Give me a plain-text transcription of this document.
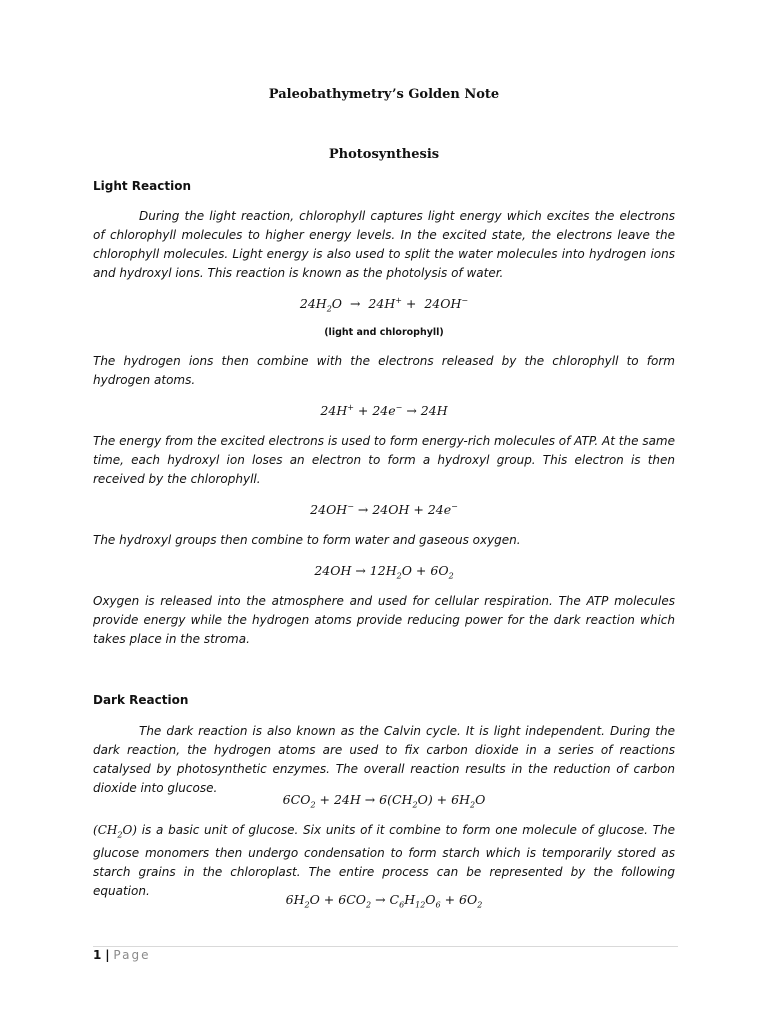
Paleobathymetry’s Golden Note
Photosynthesis
Light Reaction

During the light reaction, chlorophyll captures light energy which excites the electrons of chlorophyll molecules to higher energy levels. In the excited state, the electrons leave the chlorophyll molecules. Light energy is also used to split the water molecules into hydrogen ions and hydroxyl ions. This reaction is known as the photolysis of water.

$24H_2O \to 24H^+ + 24OH^-$
(light and chlorophyll)

The hydrogen ions then combine with the electrons released by the chlorophyll to form hydrogen atoms.

24H+ + 24e− → 24H

The energy from the excited electrons is used to form energy-rich molecules of ATP. At the same time, each hydroxyl ion loses an electron to form a hydroxyl group. This electron is then received by the chlorophyll.

24OH− → 24OH + 24e−

The hydroxyl groups then combine to form water and gaseous oxygen.

$24OH \to 12H_2O + 6O_2$

Oxygen is released into the atmosphere and used for cellular respiration. The ATP molecules provide energy while the hydrogen atoms provide reducing power for the dark reaction which takes place in the stroma.

Dark Reaction

The dark reaction is also known as the Calvin cycle. It is light independent. During the dark reaction, the hydrogen atoms are used to fix carbon dioxide in a series of reactions catalysed by photosynthetic enzymes. The overall reaction results in the reduction of carbon dioxide into glucose.

$6CO_2 + 24H \to 6(CH_2O) + 6H_2O$

$(CH_2O)$ is a basic unit of glucose. Six units of it combine to form one molecule of glucose. The glucose monomers then undergo condensation to form starch which is temporarily stored as starch grains in the chloroplast. The entire process can be represented by the following equation.

$6H_2O + 6CO_2 \to C_6H_{12}O_6 + 6O_2$
1 | Page
